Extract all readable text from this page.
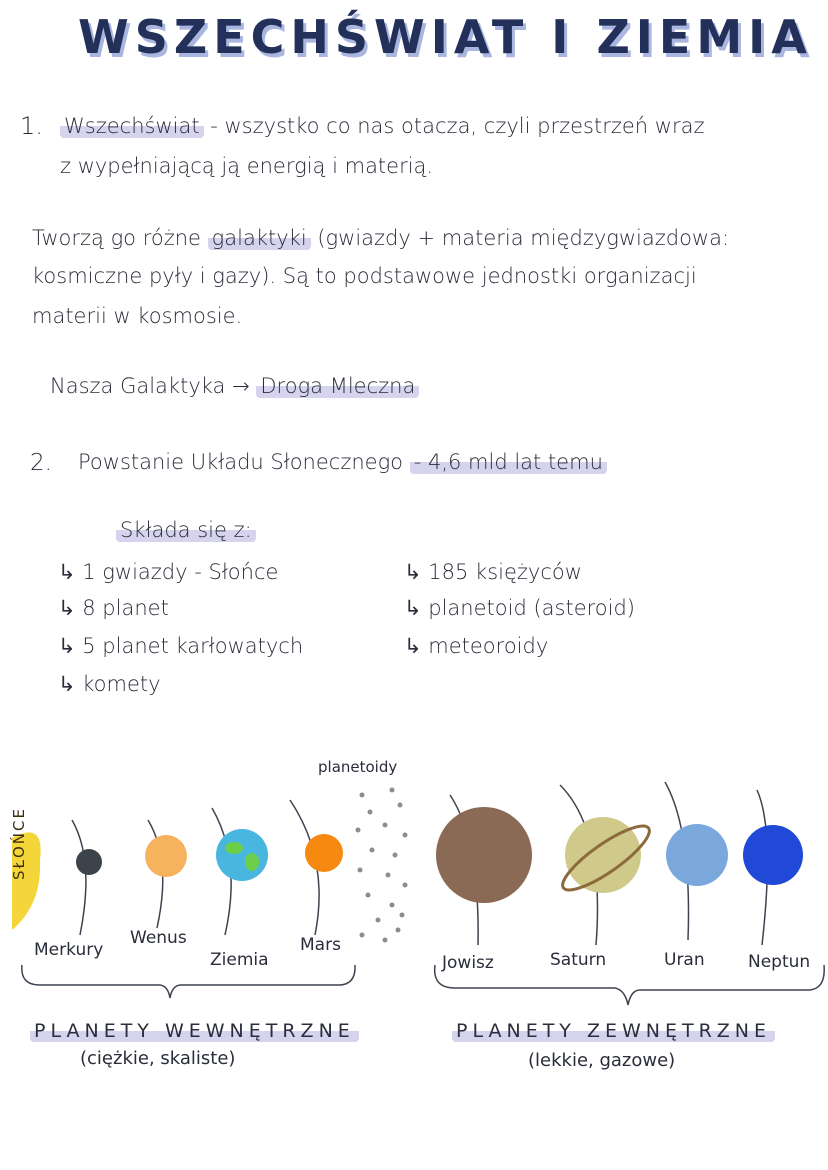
WSZECHŚWIAT I ZIEMIA
1. Wszechświat - wszystko co nas otacza, czyli przestrzeń wraz
z wypełniającą ją energią i materią.
Tworzą go różne galaktyki (gwiazdy + materia międzygwiazdowa:
kosmiczne pyły i gazy). Są to podstawowe jednostki organizacji
materii w kosmosie.
Nasza Galaktyka → Droga Mleczna
2. Powstanie Układu Słonecznego - 4,6 mld lat temu
Składa się z:
↳ 1 gwiazdy - Słońce
↳ 8 planet
↳ 5 planet karłowatych
↳ komety
↳ 185 księżyców
↳ planetoid (asteroid)
↳ meteoroidy
SŁOŃCE
planetoidy
Merkury
Wenus
Ziemia
Mars
Jowisz	Saturn	Uran	Neptun
PLANETY WEWNĘTRZNE
(ciężkie, skaliste)
PLANETY ZEWNĘTRZNE
(lekkie, gazowe)
